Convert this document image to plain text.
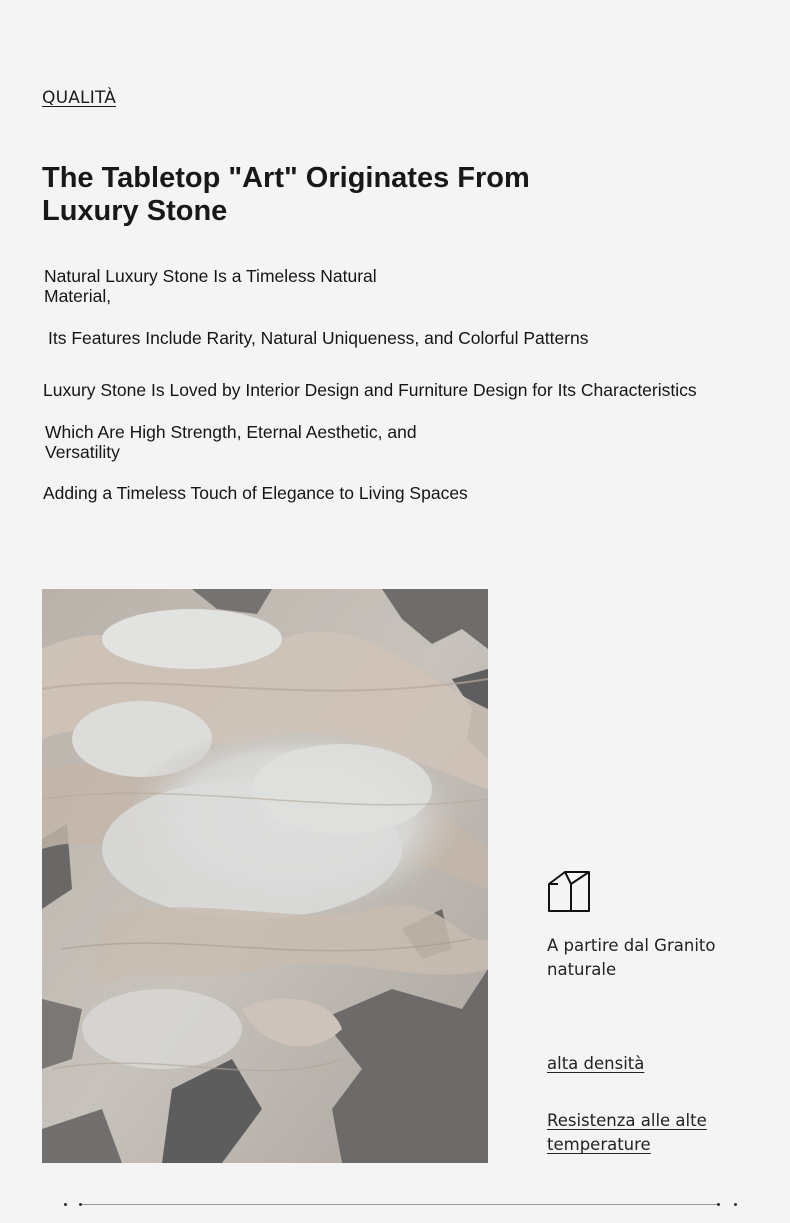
QUALITÀ
The Tabletop "Art" Originates From Luxury Stone

Natural Luxury Stone Is a Timeless Natural Material,

Its Features Include Rarity, Natural Uniqueness, and Colorful Patterns

Luxury Stone Is Loved by Interior Design and Furniture Design for Its Characteristics

Which Are High Strength, Eternal Aesthetic, and Versatility

Adding a Timeless Touch of Elegance to Living Spaces

A partire dal Granito naturale

alta densità

Resistenza alle alte temperature
